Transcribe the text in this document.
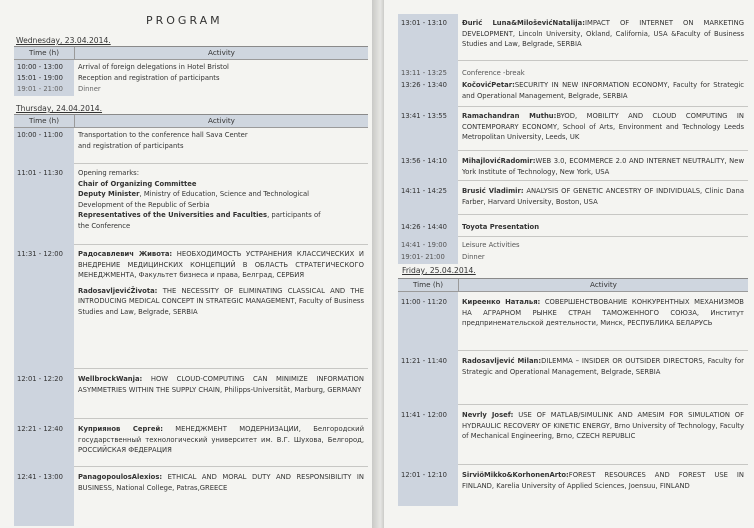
PROGRAM
Wednesday, 23.04.2014.
Time (h)	Activity
10:00 - 13:00	Arrival of foreign delegations in Hotel Bristol
15:01 - 19:00	Reception and registration of participants
19:01 - 21:00	Dinner
Thursday, 24.04.2014.
Time (h)	Activity
10:00 - 11:00	Transportation to the conference hall Sava Center
and registration of participants
11:01 - 11:30	Opening remarks:
Chair of Organizing Committee
Deputy Minister, Ministry of Education, Science and Technological
Development of the Republic of Serbia
Representatives of the Universities and Faculties, participants of
the Conference
11:31 - 12:00	Радосавлевич Живота: НЕОБХОДИМОСТЬ УСТРАНЕНИЯ КЛАССИЧЕСКИХ И ВНЕДРЕНИЕ МЕДИЦИНСКИХ КОНЦЕПЦИЙ В ОБЛАСТЬ СТРАТЕГИЧЕСКОГО МЕНЕДЖМЕНТА, Факультет бизнеса и права, Белград, СЕРБИЯ
RadosavljevićŽivota: THE NECESSITY OF ELIMINATING CLASSICAL AND THE INTRODUCING MEDICAL CONCEPT IN STRATEGIC MANAGEMENT, Faculty of Business Studies and Law, Belgrade, SERBIA
12:01 - 12:20	WellbrockWanja: HOW CLOUD-COMPUTING CAN MINIMIZE INFORMATION ASYMMETRIES WITHIN THE SUPPLY CHAIN, Philipps-Universität, Marburg, GERMANY
12:21 - 12:40	Куприянов Сергей: МЕНЕДЖМЕНТ МОДЕРНИЗАЦИИ, Белгородский государственный технологический университет им. В.Г. Шухова, Белгород, РОССИЙСКАЯ ФЕДЕРАЦИЯ
12:41 - 13:00	PanagopoulosAlexios: ETHICAL AND MORAL DUTY AND RESPONSIBILITY IN BUSINESS, National College, Patras,GREECE
13:01 - 13:10	Đurić Luna&MiloševićNatalija:IMPACT OF INTERNET ON MARKETING DEVELOPMENT, Lincoln University, Okland, California, USA &Faculty of Business Studies and Law, Belgrade, SERBIA
13:11 - 13:25	Conference -break
13:26 - 13:40	KočovićPetar:SECURITY IN NEW INFORMATION ECONOMY, Faculty for Strategic and Operational Management, Belgrade, SERBIA
13:41 - 13:55	Ramachandran Muthu:BYOD, MOBILITY AND CLOUD COMPUTING IN CONTEMPORARY ECONOMY, School of Arts, Environment and Technology Leeds Metropolitan University, Leeds, UK
13:56 - 14:10	MihajlovićRadomir:WEB 3.0, ECOMMERCE 2.0 AND INTERNET NEUTRALITY, New York Institute of Technology, New York, USA
14:11 - 14:25	Brusić Vladimir: ANALYSIS OF GENETIC ANCESTRY OF INDIVIDUALS, Clinic Dana Farber, Harvard University, Boston, USA
14:26 - 14:40	Toyota Presentation
14:41 - 19:00	Leisure Activities
19:01- 21:00	Dinner
Friday, 25.04.2014.
Time (h)	Activity
11:00 - 11:20	Киреенко Наталья: СОВЕРШЕНСТВОВАНИЕ КОНКУРЕНТНЫХ МЕХАНИЗМОВ НА АГРАРНОМ РЫНКЕ СТРАН ТАМОЖЕННОГО СОЮЗА, Институт предпринемательской деятельности, Минск, РЕСПУБЛИКА БЕЛАРУСЬ
11:21 - 11:40	Radosavljević Milan:DILEMMA – INSIDER OR OUTSIDER DIRECTORS, Faculty for Strategic and Operational Management, Belgrade, SERBIA
11:41 - 12:00	Nevrly Josef: USE OF MATLAB/SIMULINK AND AMESIM FOR SIMULATION OF HYDRAULIC RECOVERY OF KINETIC ENERGY, Brno University of Technology, Faculty of Mechanical Engineering, Brno, CZECH REPUBLIC
12:01 - 12:10	SirviöMikko&KorhonenArto:FOREST RESOURCES AND FOREST USE IN FINLAND, Karelia University of Applied Sciences, Joensuu, FINLAND
